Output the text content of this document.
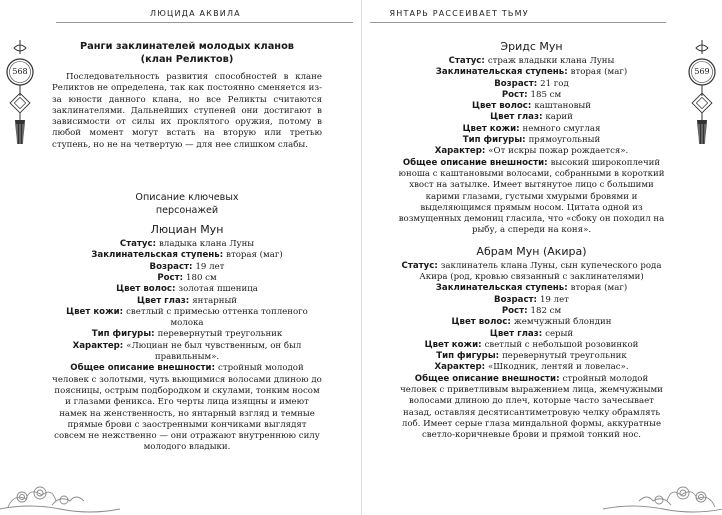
ЛЮЦИДА АКВИЛА
568
Ранги заклинателей молодых кланов
(клан Реликтов)

Последовательность развития способностей в клане Реликтов не определена, так как постоянно сменяется из-за юности данного клана, но все Реликты считаются заклинателями. Дальнейших ступеней они достигают в зависимости от силы их проклятого оружия, потому в любой момент могут встать на вторую или третью ступень, но не на четвертую — для нее слишком слабы.

Описание ключевых
персонажей
Люциан Мун
Статус : владыка клана Луны
Заклинательская ступень : вторая (маг)
Возраст : 19 лет
Рост : 180 см
Цвет волос : золотая пшеница
Цвет глаз : янтарный
Цвет кожи : светлый с примесью оттенка топленого молока
Тип фигуры : перевернутый треугольник
Характер : «Люциан не был чувственным, он был правильным».
Общее описание внешности : стройный молодой человек с золотыми, чуть вьющимися волосами длиною до поясницы, острым подбородком и скулами, тонким носом и глазами феникса. Его черты лица изящны и имеют намек на женственность, но янтарный взгляд и темные прямые брови с заостренными кончиками выглядят совсем не нежственно — они отражают внутреннюю силу молодого владыки.
ЯНТАРЬ РАССЕИВАЕТ ТЬМУ
569
Эридс Мун
Статус : страж владыки клана Луны
Заклинательская ступень : вторая (маг)
Возраст : 21 год
Рост : 185 см
Цвет волос : каштановый
Цвет глаз : карий
Цвет кожи : немного смуглая
Тип фигуры : прямоугольный
Характер : «От искры пожар рождается».
Общее описание внешности : высокий широкоплечий юноша с каштановыми волосами, собранными в короткий хвост на затылке. Имеет вытянутое лицо с большими карими глазами, густыми хмурыми бровями и выделяющимся прямым носом. Цитата одной из возмущенных демониц гласила, что «сбоку он походил на рыбу, а спереди на коня».
Абрам Мун (Акира)
Статус : заклинатель клана Луны, сын купеческого рода Акира (род, кровью связанный с заклинателями)
Заклинательская ступень : вторая (маг)
Возраст : 19 лет
Рост : 182 см
Цвет волос : жемчужный блондин
Цвет глаз : серый
Цвет кожи : светлый с небольшой розовинкой
Тип фигуры : перевернутый треугольник
Характер : «Шкодник, лентяй и ловелас».
Общее описание внешности : стройный молодой человек с приветливым выражением лица, жемчужными волосами длиною до плеч, которые часто зачесывает назад, оставляя десятисантиметровую челку обрамлять лоб. Имеет серые глаза миндальной формы, аккуратные светло-коричневые брови и прямой тонкий нос.
